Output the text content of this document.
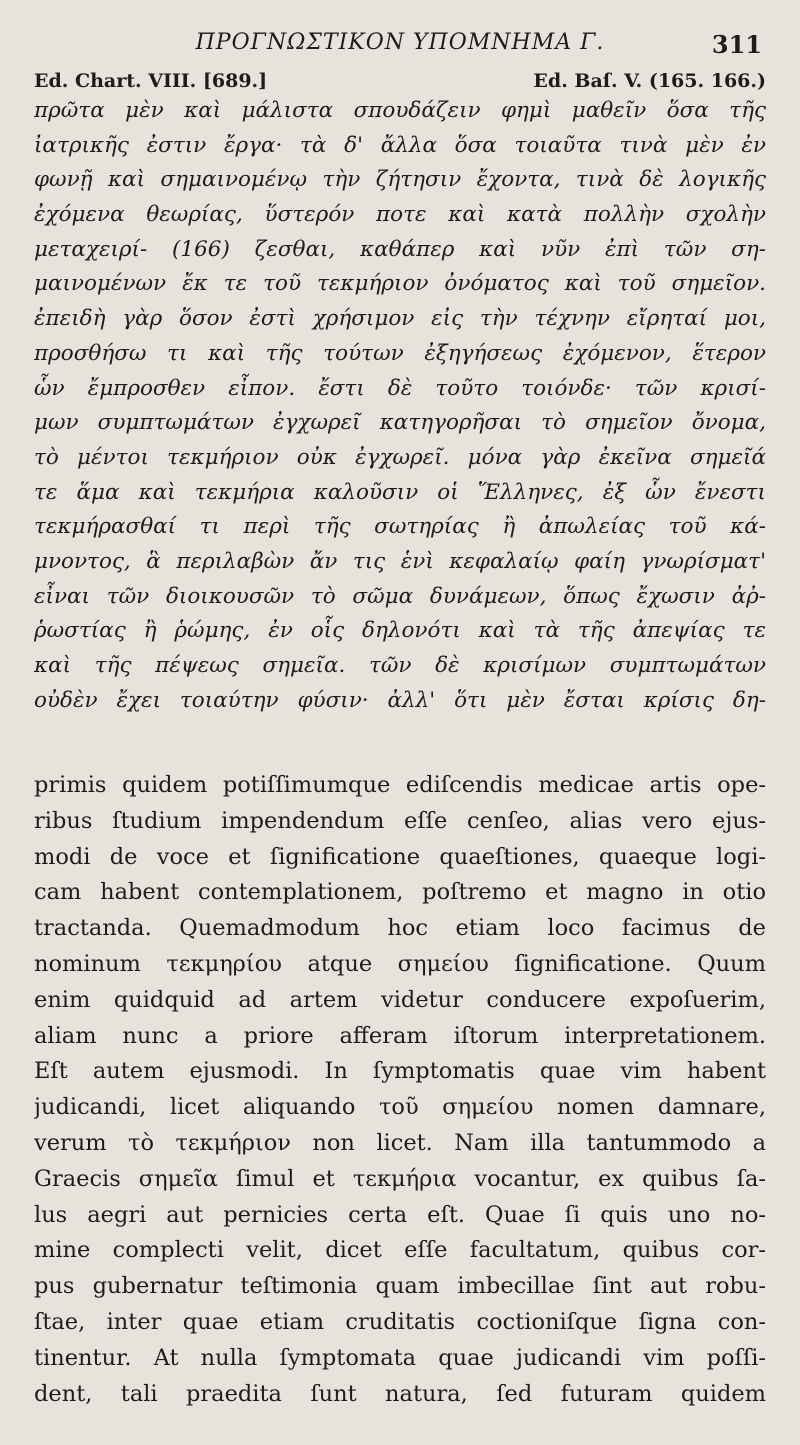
ΠΡΟΓΝΩΣΤΙΚΟΝ ΥΠΟΜΝΗΜΑ Γ.	311
Ed. Chart. VIII. [689.]	Ed. Baſ. V. (165. 166.)
πρῶτα μὲν καὶ μάλιστα σπουδάζειν φημὶ μαθεῖν ὅσα τῆς
ἰατρικῆς ἐστιν ἔργα· τὰ δ' ἄλλα ὅσα τοιαῦτα τινὰ μὲν ἐν
φωνῇ καὶ σημαινομένῳ τὴν ζήτησιν ἔχοντα, τινὰ δὲ λογικῆς
ἐχόμενα θεωρίας, ὕστερόν ποτε καὶ κατὰ πολλὴν σχολὴν
μεταχειρί- (166) ζεσθαι, καθάπερ καὶ νῦν ἐπὶ τῶν ση-
μαινομένων ἔκ τε τοῦ τεκμήριον ὀνόματος καὶ τοῦ σημεῖον.
ἐπειδὴ γὰρ ὅσον ἐστὶ χρήσιμον εἰς τὴν τέχνην εἴρηταί μοι,
προσθήσω τι καὶ τῆς τούτων ἐξηγήσεως ἐχόμενον, ἕτερον
ὧν ἔμπροσθεν εἶπον. ἔστι δὲ τοῦτο τοιόνδε· τῶν κρισί-
μων συμπτωμάτων ἐγχωρεῖ κατηγορῆσαι τὸ σημεῖον ὄνομα,
τὸ μέντοι τεκμήριον οὐκ ἐγχωρεῖ. μόνα γὰρ ἐκεῖνα σημεῖά
τε ἅμα καὶ τεκμήρια καλοῦσιν οἱ Ἕλληνες, ἐξ ὧν ἔνεστι
τεκμήρασθαί τι περὶ τῆς σωτηρίας ἢ ἀπωλείας τοῦ κά-
μνοντος, ἃ περιλαβὼν ἄν τις ἑνὶ κεφαλαίῳ φαίη γνωρίσματ'
εἶναι τῶν διοικουσῶν τὸ σῶμα δυνάμεων, ὅπως ἔχωσιν ἀῤ-
ῥωστίας ἢ ῥώμης, ἐν οἷς δηλονότι καὶ τὰ τῆς ἀπεψίας τε
καὶ τῆς πέψεως σημεῖα. τῶν δὲ κρισίμων συμπτωμάτων
οὐδὲν ἔχει τοιαύτην φύσιν· ἀλλ' ὅτι μὲν ἔσται κρίσις δη-
primis quidem potiſſimumque ediſcendis medicae artis ope-
ribus ſtudium impendendum eſſe cenſeo, alias vero ejus-
modi de voce et ſignificatione quaeſtiones, quaeque logi-
cam habent contemplationem, poſtremo et magno in otio
tractanda. Quemadmodum hoc etiam loco facimus de
nominum τεκμηρίου atque σημείου ſignificatione. Quum
enim quidquid ad artem videtur conducere expoſuerim,
aliam nunc a priore afferam iſtorum interpretationem.
Eſt autem ejusmodi. In ſymptomatis quae vim habent
judicandi, licet aliquando τοῦ σημείου nomen damnare,
verum τὸ τεκμήριον non licet. Nam illa tantummodo a
Graecis σημεῖα ſimul et τεκμήρια vocantur, ex quibus ſa-
lus aegri aut pernicies certa eſt. Quae ſi quis uno no-
mine complecti velit, dicet eſſe facultatum, quibus cor-
pus gubernatur teſtimonia quam imbecillae ſint aut robu-
ſtae, inter quae etiam cruditatis coctioniſque ſigna con-
tinentur. At nulla ſymptomata quae judicandi vim poſſi-
dent, tali praedita ſunt natura, ſed futuram quidem
